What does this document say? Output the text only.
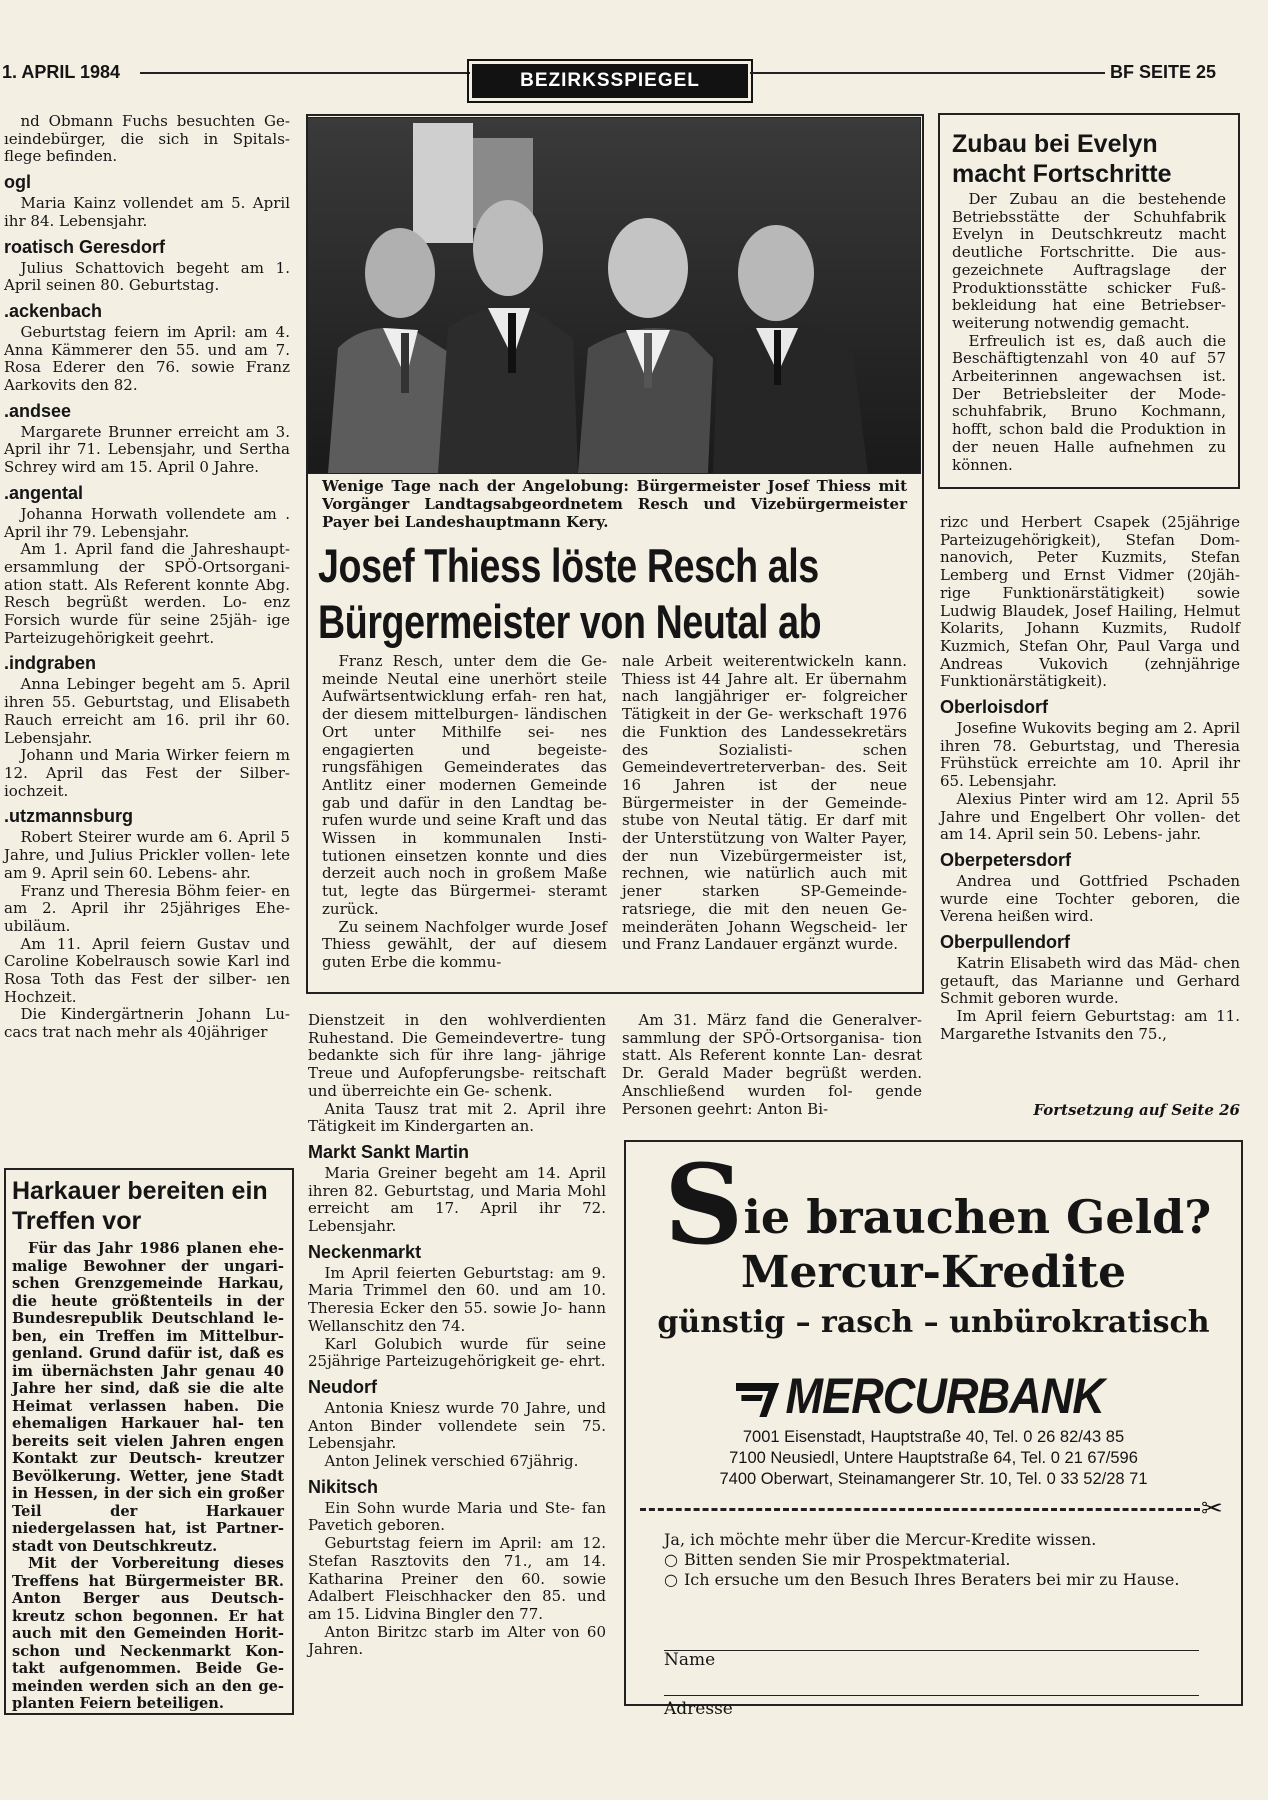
1. APRIL 1984	BEZIRKSSPIEGEL	BF SEITE 25

nd Obmann Fuchs besuchten Ge- ıeindebürger, die sich in Spitals- flege befinden.

ogl

Maria Kainz vollendet am 5. April ihr 84. Lebensjahr.

roatisch Geresdorf

Julius Schattovich begeht am 1. April seinen 80. Geburtstag.

.ackenbach

Geburtstag feiern im April: am 4. Anna Kämmerer den 55. und am 7. Rosa Ederer den 76. sowie Franz Aarkovits den 82.

.andsee

Margarete Brunner erreicht am 3. April ihr 71. Lebensjahr, und Sertha Schrey wird am 15. April 0 Jahre.

.angental

Johanna Horwath vollendete am . April ihr 79. Lebensjahr.

Am 1. April fand die Jahreshaupt- ersammlung der SPÖ-Ortsorgani- ation statt. Als Referent konnte Abg. Resch begrüßt werden. Lo- enz Forsich wurde für seine 25jäh- ige Parteizugehörigkeit geehrt.

.indgraben

Anna Lebinger begeht am 5. April ihren 55. Geburtstag, und Elisabeth Rauch erreicht am 16. pril ihr 60. Lebensjahr.

Johann und Maria Wirker feiern m 12. April das Fest der Silber- iochzeit.

.utzmannsburg

Robert Steirer wurde am 6. April 5 Jahre, und Julius Prickler vollen- lete am 9. April sein 60. Lebens- ahr.

Franz und Theresia Böhm feier- en am 2. April ihr 25jähriges Ehe- ubiläum.

Am 11. April feiern Gustav und Caroline Kobelrausch sowie Karl ind Rosa Toth das Fest der silber- ıen Hochzeit.

Die Kindergärtnerin Johann Lu- cacs trat nach mehr als 40jähriger

Harkauer bereiten ein Treffen vor

Für das Jahr 1986 planen ehe- malige Bewohner der ungari- schen Grenzgemeinde Harkau, die heute größtenteils in der Bundesrepublik Deutschland le- ben, ein Treffen im Mittelbur- genland. Grund dafür ist, daß es im übernächsten Jahr genau 40 Jahre her sind, daß sie die alte Heimat verlassen haben. Die ehemaligen Harkauer hal- ten bereits seit vielen Jahren engen Kontakt zur Deutsch- kreutzer Bevölkerung. Wetter, jene Stadt in Hessen, in der sich ein großer Teil der Harkauer niedergelassen hat, ist Partner- stadt von Deutschkreutz.

Mit der Vorbereitung dieses Treffens hat Bürgermeister BR. Anton Berger aus Deutsch- kreutz schon begonnen. Er hat auch mit den Gemeinden Horit- schon und Neckenmarkt Kon- takt aufgenommen. Beide Ge- meinden werden sich an den ge- planten Feiern beteiligen.

Wenige Tage nach der Angelobung: Bürgermeister Josef Thiess mit Vorgänger Landtagsabgeordnetem Resch und Vizebürgermeister Payer bei Landeshauptmann Kery.
Josef Thiess löste Resch als
Bürgermeister von Neutal ab

Franz Resch, unter dem die Ge- meinde Neutal eine unerhört steile Aufwärtsentwicklung erfah- ren hat, der diesem mittelburgen- ländischen Ort unter Mithilfe sei- nes engagierten und begeiste- rungsfähigen Gemeinderates das Antlitz einer modernen Gemeinde gab und dafür in den Landtag be- rufen wurde und seine Kraft und das Wissen in kommunalen Insti- tutionen einsetzen konnte und dies derzeit auch noch in großem Maße tut, legte das Bürgermei- steramt zurück.

Zu seinem Nachfolger wurde Josef Thiess gewählt, der auf diesem guten Erbe die kommu-

nale Arbeit weiterentwickeln kann. Thiess ist 44 Jahre alt. Er übernahm nach langjähriger er- folgreicher Tätigkeit in der Ge- werkschaft 1976 die Funktion des Landessekretärs des Sozialisti- schen Gemeindevertreterverban- des. Seit 16 Jahren ist der neue Bürgermeister in der Gemeinde- stube von Neutal tätig. Er darf mit der Unterstützung von Walter Payer, der nun Vizebürgermeister ist, rechnen, wie natürlich auch mit jener starken SP-Gemeinde- ratsriege, die mit den neuen Ge- meinderäten Johann Wegscheid- ler und Franz Landauer ergänzt wurde.

Dienstzeit in den wohlverdienten Ruhestand. Die Gemeindevertre- tung bedankte sich für ihre lang- jährige Treue und Aufopferungsbe- reitschaft und überreichte ein Ge- schenk.

Anita Tausz trat mit 2. April ihre Tätigkeit im Kindergarten an.

Markt Sankt Martin

Maria Greiner begeht am 14. April ihren 82. Geburtstag, und Maria Mohl erreicht am 17. April ihr 72. Lebensjahr.

Neckenmarkt

Im April feierten Geburtstag: am 9. Maria Trimmel den 60. und am 10. Theresia Ecker den 55. sowie Jo- hann Wellanschitz den 74.

Karl Golubich wurde für seine 25jährige Parteizugehörigkeit ge- ehrt.

Neudorf

Antonia Kniesz wurde 70 Jahre, und Anton Binder vollendete sein 75. Lebensjahr.

Anton Jelinek verschied 67jährig.

Nikitsch

Ein Sohn wurde Maria und Ste- fan Pavetich geboren.

Geburtstag feiern im April: am 12. Stefan Rasztovits den 71., am 14. Katharina Preiner den 60. sowie Adalbert Fleischhacker den 85. und am 15. Lidvina Bingler den 77.

Anton Biritzc starb im Alter von 60 Jahren.

Am 31. März fand die Generalver- sammlung der SPÖ-Ortsorganisa- tion statt. Als Referent konnte Lan- desrat Dr. Gerald Mader begrüßt werden. Anschließend wurden fol- gende Personen geehrt: Anton Bi-

Zubau bei Evelyn macht Fortschritte

Der Zubau an die bestehende Betriebsstätte der Schuhfabrik Evelyn in Deutschkreutz macht deutliche Fortschritte. Die aus- gezeichnete Auftragslage der Produktionsstätte schicker Fuß- bekleidung hat eine Betriebser- weiterung notwendig gemacht.

Erfreulich ist es, daß auch die Beschäftigtenzahl von 40 auf 57 Arbeiterinnen angewachsen ist. Der Betriebsleiter der Mode- schuhfabrik, Bruno Kochmann, hofft, schon bald die Produktion in der neuen Halle aufnehmen zu können.

rizc und Herbert Csapek (25jährige Parteizugehörigkeit), Stefan Dom- nanovich, Peter Kuzmits, Stefan Lemberg und Ernst Vidmer (20jäh- rige Funktionärstätigkeit) sowie Ludwig Blaudek, Josef Hailing, Helmut Kolarits, Johann Kuzmits, Rudolf Kuzmich, Stefan Ohr, Paul Varga und Andreas Vukovich (zehnjährige Funktionärstätigkeit).

Oberloisdorf

Josefine Wukovits beging am 2. April ihren 78. Geburtstag, und Theresia Frühstück erreichte am 10. April ihr 65. Lebensjahr.

Alexius Pinter wird am 12. April 55 Jahre und Engelbert Ohr vollen- det am 14. April sein 50. Lebens- jahr.

Oberpetersdorf

Andrea und Gottfried Pschaden wurde eine Tochter geboren, die Verena heißen wird.

Oberpullendorf

Katrin Elisabeth wird das Mäd- chen getauft, das Marianne und Gerhard Schmit geboren wurde.

Im April feiern Geburtstag: am 11. Margarethe Istvanits den 75.,

Fortsetzung auf Seite 26
Sie brauchen Geld?
Mercur-Kredite
günstig – rasch – unbürokratisch
MERCURBANK
7001 Eisenstadt, Hauptstraße 40, Tel. 0 26 82/43 85
7100 Neusiedl, Untere Hauptstraße 64, Tel. 0 21 67/596
7400 Oberwart, Steinamangerer Str. 10, Tel. 0 33 52/28 71
✂
Ja, ich möchte mehr über die Mercur-Kredite wissen.
○ Bitten senden Sie mir Prospektmaterial.
○ Ich ersuche um den Besuch Ihres Beraters bei mir zu Hause.
Name
Adresse
